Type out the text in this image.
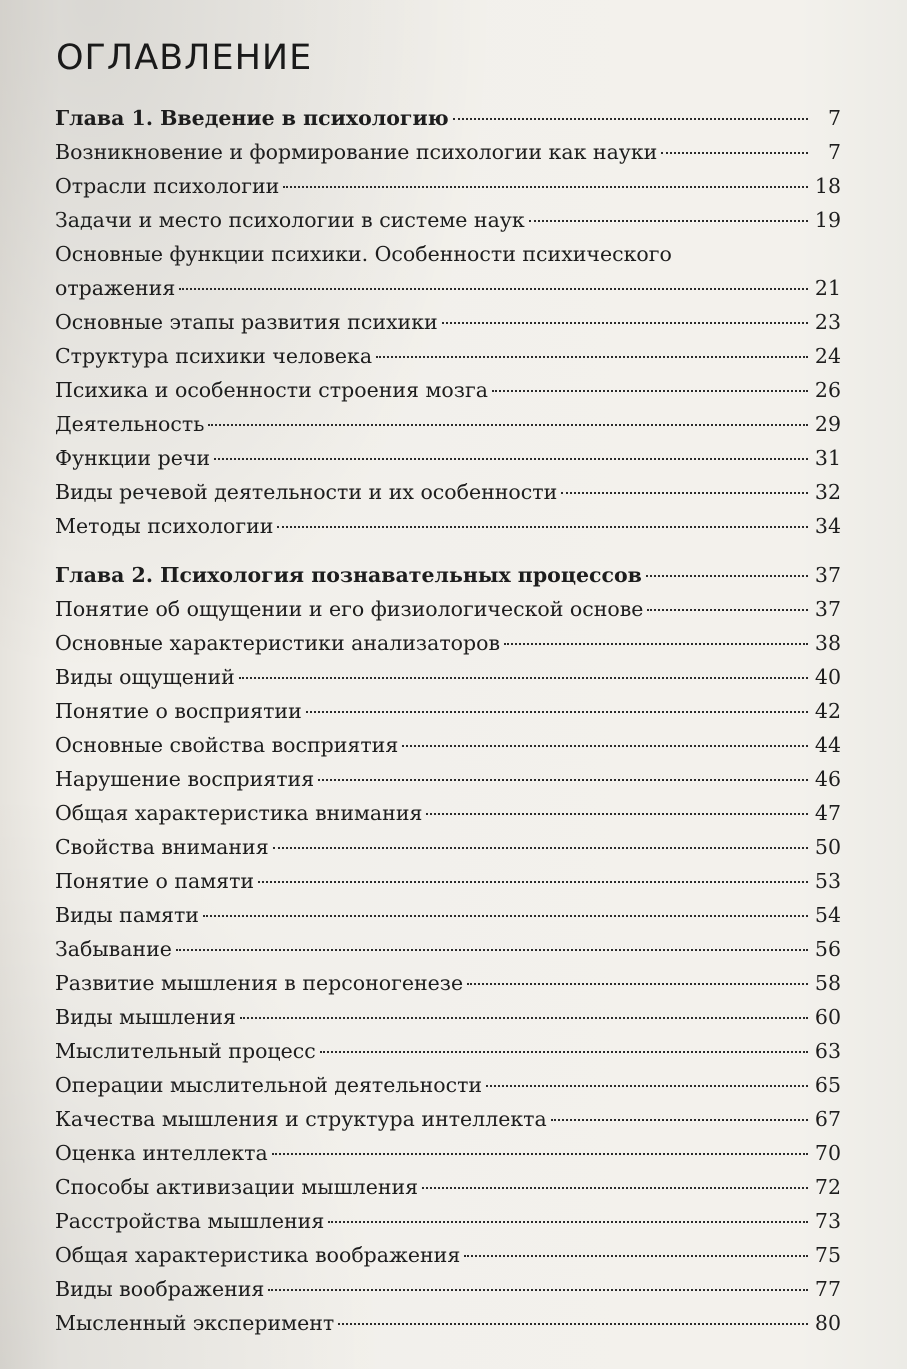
ОГЛАВЛЕНИЕ
Глава 1. Введение в психологию	7
Возникновение и формирование психологии как науки	7
Отрасли психологии	18
Задачи и место психологии в системе наук	19
Основные функции психики. Особенности психического
отражения	21
Основные этапы развития психики	23
Структура психики человека	24
Психика и особенности строения мозга	26
Деятельность	29
Функции речи	31
Виды речевой деятельности и их особенности	32
Методы психологии	34
Глава 2. Психология познавательных процессов	37
Понятие об ощущении и его физиологической основе	37
Основные характеристики анализаторов	38
Виды ощущений	40
Понятие о восприятии	42
Основные свойства восприятия	44
Нарушение восприятия	46
Общая характеристика внимания	47
Свойства внимания	50
Понятие о памяти	53
Виды памяти	54
Забывание	56
Развитие мышления в персоногенезе	58
Виды мышления	60
Мыслительный процесс	63
Операции мыслительной деятельности	65
Качества мышления и структура интеллекта	67
Оценка интеллекта	70
Способы активизации мышления	72
Расстройства мышления	73
Общая характеристика воображения	75
Виды воображения	77
Мысленный эксперимент	80
